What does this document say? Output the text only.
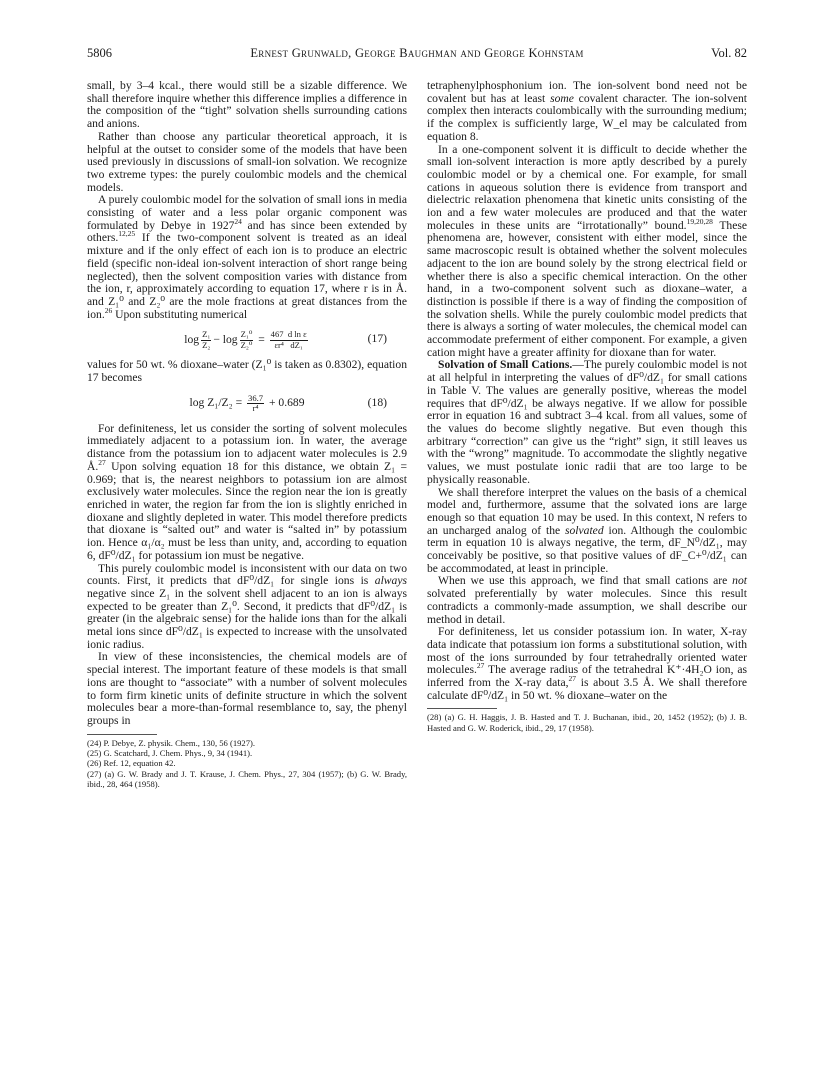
5806	Ernest Grunwald, George Baughman and George Kohnstam	Vol. 82

small, by 3–4 kcal., there would still be a sizable difference. We shall therefore inquire whether this difference implies a difference in the composition of the “tight” solvation shells surrounding cations and anions.

Rather than choose any particular theoretical approach, it is helpful at the outset to consider some of the models that have been used previously in discussions of small-ion solvation. We recognize two extreme types: the purely coulombic models and the chemical models.

A purely coulombic model for the solvation of small ions in media consisting of water and a less polar organic component was formulated by Debye in 1927$^{24}$ and has since been extended by others.$^{12,25}$ If the two-component solvent is treated as an ideal mixture and if the only effect of each ion is to produce an electric field (specific non-ideal ion-solvent interaction of short range being neglected), then the solvent composition varies with distance from the ion, r, approximately according to equation 17, where r is in Å. and Z₁⁰ and Z₂⁰ are the mole fractions at great distances from the ion.$^{26}$ Upon substituting numerical

$\log \frac{\text{Z₁}}{\text{Z₂}} - \log \frac{\text{Z₁⁰}}{\text{Z₂⁰}} = \frac{\text{467  d ln ε}}{\text{εr⁴   dZ₁}}$	(17)

values for 50 wt. % dioxane–water (Z₁⁰ is taken as 0.8302), equation 17 becomes

$\log Z_1/Z_2 = \frac{36.7}{\text{r⁴}} + 0.689$	(18)

For definiteness, let us consider the sorting of solvent molecules immediately adjacent to a potassium ion. In water, the average distance from the potassium ion to adjacent water molecules is 2.9 Å.$^{27}$ Upon solving equation 18 for this distance, we obtain Z₁ = 0.969; that is, the nearest neighbors to potassium ion are almost exclusively water molecules. Since the region near the ion is greatly enriched in water, the region far from the ion is slightly enriched in dioxane and slightly depleted in water. This model therefore predicts that dioxane is “salted out” and water is “salted in” by potassium ion. Hence α₁/α₂ must be less than unity, and, according to equation 6, dF⁰/dZ₁ for potassium ion must be negative.

This purely coulombic model is inconsistent with our data on two counts. First, it predicts that dF⁰/dZ₁ for single ions is always negative since Z₁ in the solvent shell adjacent to an ion is always expected to be greater than Z₁⁰. Second, it predicts that dF⁰/dZ₁ is greater (in the algebraic sense) for the halide ions than for the alkali metal ions since dF⁰/dZ₁ is expected to increase with the unsolvated ionic radius.

In view of these inconsistencies, the chemical models are of special interest. The important feature of these models is that small ions are thought to “associate” with a number of solvent molecules to form firm kinetic units of definite structure in which the solvent molecules bear a more-than-formal resemblance to, say, the phenyl groups in

(24) P. Debye, Z. physik. Chem., 130, 56 (1927).
(25) G. Scatchard, J. Chem. Phys., 9, 34 (1941).
(26) Ref. 12, equation 42.
(27) (a) G. W. Brady and J. T. Krause, J. Chem. Phys., 27, 304 (1957); (b) G. W. Brady, ibid., 28, 464 (1958).

tetraphenylphosphonium ion. The ion-solvent bond need not be covalent but has at least some covalent character. The ion-solvent complex then interacts coulombically with the surrounding medium; if the complex is sufficiently large, W_el may be calculated from equation 8.

In a one-component solvent it is difficult to decide whether the small ion-solvent interaction is more aptly described by a purely coulombic model or by a chemical one. For example, for small cations in aqueous solution there is evidence from transport and dielectric relaxation phenomena that kinetic units consisting of the ion and a few water molecules are produced and that the water molecules in these units are “irrotationally” bound.$^{19,20,28}$ These phenomena are, however, consistent with either model, since the same macroscopic result is obtained whether the solvent molecules adjacent to the ion are bound solely by the strong electrical field or whether there is also a specific chemical interaction. On the other hand, in a two-component solvent such as dioxane–water, a distinction is possible if there is a way of finding the composition of the solvation shells. While the purely coulombic model predicts that there is always a sorting of water molecules, the chemical model can accommodate preferment of either component. For example, a given cation might have a greater affinity for dioxane than for water.

Solvation of Small Cations.—The purely coulombic model is not at all helpful in interpreting the values of dF⁰/dZ₁ for small cations in Table V. The values are generally positive, whereas the model requires that dF⁰/dZ₁ be always negative. If we allow for possible error in equation 16 and subtract 3–4 kcal. from all values, some of the values do become slightly negative. But even though this arbitrary “correction” can give us the “right” sign, it still leaves us with the “wrong” magnitude. To accommodate the slightly negative values, we must postulate ionic radii that are too large to be physically reasonable.

We shall therefore interpret the values on the basis of a chemical model and, furthermore, assume that the solvated ions are large enough so that equation 10 may be used. In this context, N refers to an uncharged analog of the solvated ion. Although the coulombic term in equation 10 is always negative, the term, dF_N⁰/dZ₁, may conceivably be positive, so that positive values of dF_C+⁰/dZ₁ can be accommodated, at least in principle.

When we use this approach, we find that small cations are not solvated preferentially by water molecules. Since this result contradicts a commonly-made assumption, we shall describe our method in detail.

For definiteness, let us consider potassium ion. In water, X-ray data indicate that potassium ion forms a substitutional solution, with most of the ions surrounded by four tetrahedrally oriented water molecules.$^{27}$ The average radius of the tetrahedral K⁺·4H₂O ion, as inferred from the X-ray data,$^{27}$ is about 3.5 Å. We shall therefore calculate dF⁰/dZ₁ in 50 wt. % dioxane–water on the

(28) (a) G. H. Haggis, J. B. Hasted and T. J. Buchanan, ibid., 20, 1452 (1952); (b) J. B. Hasted and G. W. Roderick, ibid., 29, 17 (1958).
